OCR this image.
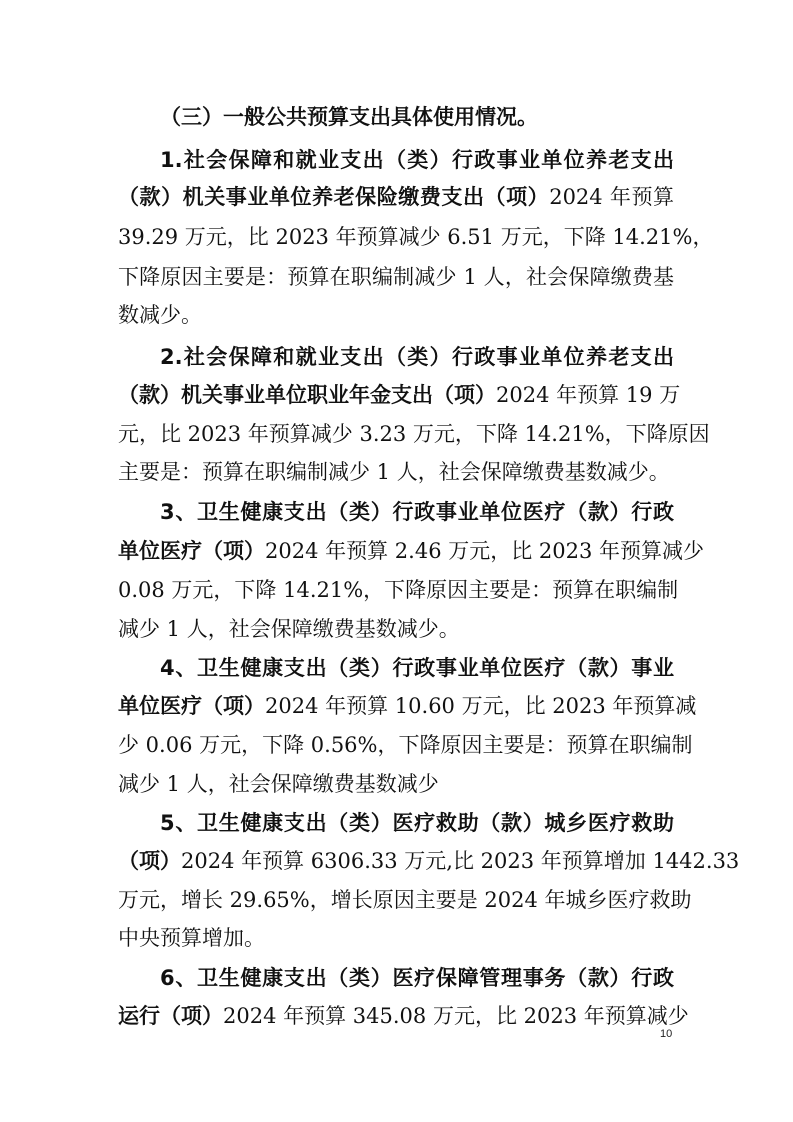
（三）一般公共预算支出具体使用情况。
1.社会保障和就业支出（类）行政事业单位养老支出
（款）机关事业单位养老保险缴费支出（项）2024 年预算
39.29 万元，比 2023 年预算减少 6.51 万元，下降 14.21%，
下降原因主要是：预算在职编制减少 1 人，社会保障缴费基
数减少。
2.社会保障和就业支出（类）行政事业单位养老支出
（款）机关事业单位职业年金支出（项）2024 年预算 19 万
元，比 2023 年预算减少 3.23 万元，下降 14.21%，下降原因
主要是：预算在职编制减少 1 人，社会保障缴费基数减少。
3、卫生健康支出（类）行政事业单位医疗（款）行政
单位医疗（项）2024 年预算 2.46 万元，比 2023 年预算减少
0.08 万元，下降 14.21%，下降原因主要是：预算在职编制
减少 1 人，社会保障缴费基数减少。
4、卫生健康支出（类）行政事业单位医疗（款）事业
单位医疗（项）2024 年预算 10.60 万元，比 2023 年预算减
少 0.06 万元，下降 0.56%，下降原因主要是：预算在职编制
减少 1 人，社会保障缴费基数减少
5、卫生健康支出（类）医疗救助（款）城乡医疗救助
（项）2024 年预算 6306.33 万元,比 2023 年预算增加 1442.33
万元，增长 29.65%，增长原因主要是 2024 年城乡医疗救助
中央预算增加。
6、卫生健康支出（类）医疗保障管理事务（款）行政
运行（项）2024 年预算 345.08 万元，比 2023 年预算减少
10
